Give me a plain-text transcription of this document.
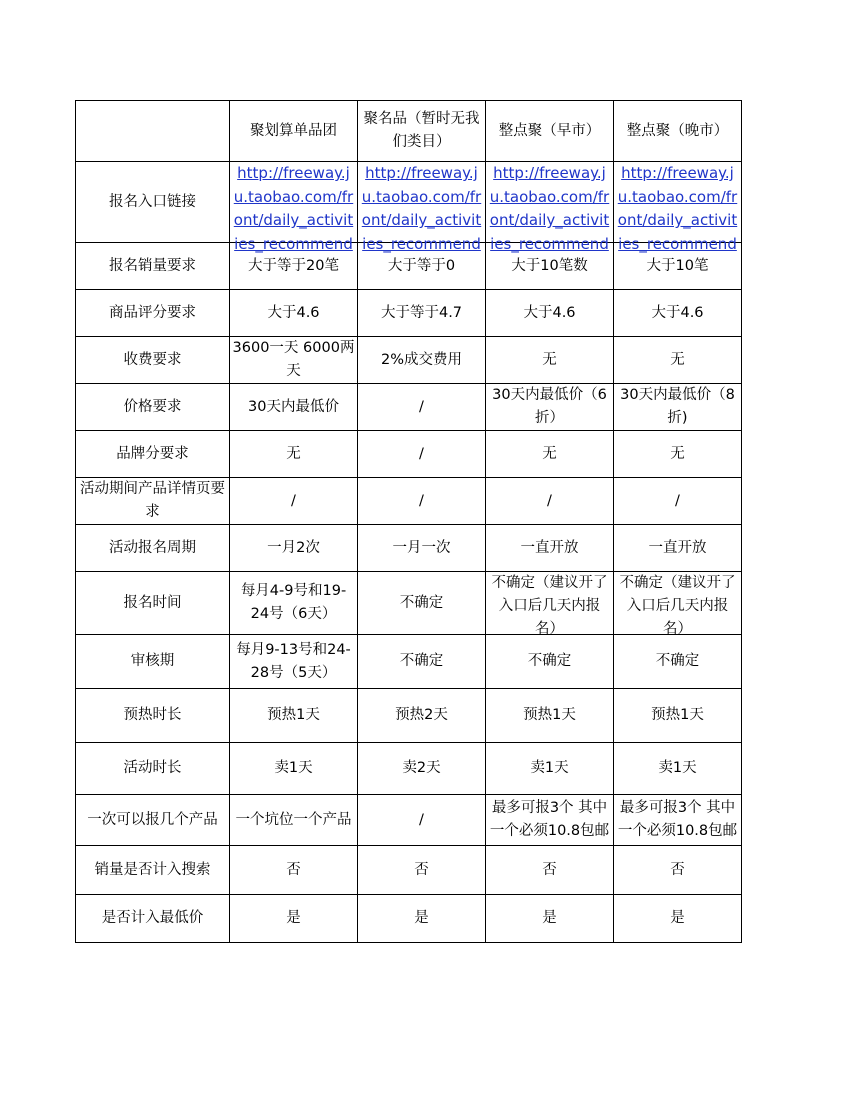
	聚划算单品团	聚名品（暂时无我们类目）	整点聚（早市）	整点聚（晚市）
报名入口链接	http://freeway.ju.taobao.com/front/daily_activities_recommend	http://freeway.ju.taobao.com/front/daily_activities_recommend	http://freeway.ju.taobao.com/front/daily_activities_recommend	http://freeway.ju.taobao.com/front/daily_activities_recommend

报名销量要求	大于等于20笔	大于等于0	大于10笔数	大于10笔
商品评分要求	大于4.6	大于等于4.7	大于4.6	大于4.6
收费要求	3600一天 6000两天	2%成交费用	无	无
价格要求	30天内最低价	/	30天内最低价（6折）	30天内最低价（8折)

品牌分要求	无	/	无	无
活动期间产品详情页要求	/	/	/	/
活动报名周期	一月2次	一月一次	一直开放	一直开放
报名时间	每月4-9号和19-24号（6天）	不确定	不确定（建议开了入口后几天内报名）	不确定（建议开了入口后几天内报名）

审核期	每月9-13号和24-28号（5天）	不确定	不确定	不确定
预热时长	预热1天	预热2天	预热1天	预热1天
活动时长	卖1天	卖2天	卖1天	卖1天
一次可以报几个产品	一个坑位一个产品	/	最多可报3个 其中一个必须10.8包邮	最多可报3个 其中一个必须10.8包邮

销量是否计入搜索	否	否	否	否
是否计入最低价	是	是	是	是
